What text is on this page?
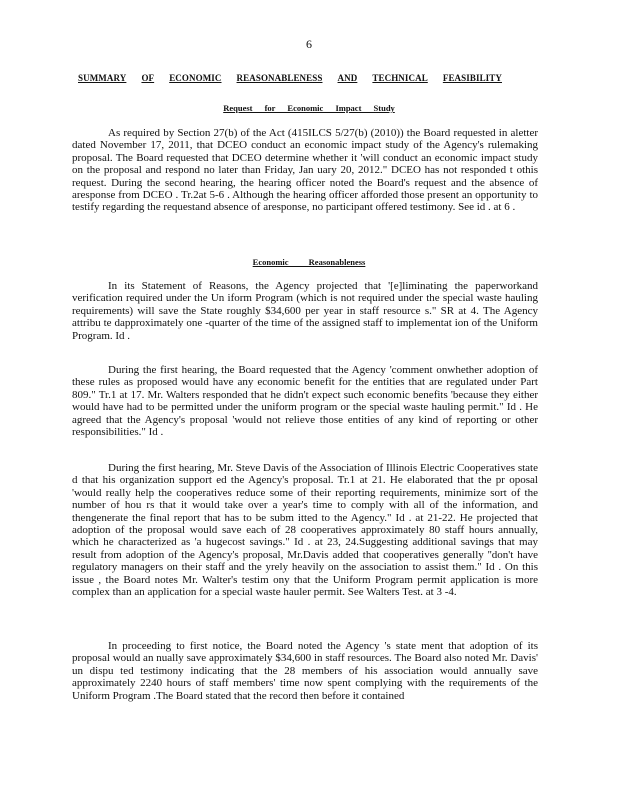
6
SUMMARY OF ECONOMIC REASONABLENESS AND TECHNICAL FEASIBILITY
Request for Economic Impact Study

As required by Section 27(b) of the Act (415ILCS 5/27(b) (2010)) the Board requested in aletter dated November 17, 2011, that DCEO conduct an economic impact study of the Agency's rulemaking proposal. The Board requested that DCEO determine whether it 'will conduct an economic impact study on the proposal and respond no later than Friday, Jan uary 20, 2012." DCEO has not responded t othis request. During the second hearing, the hearing officer noted the Board's request and the absence of aresponse from DCEO . Tr.2at 5-6 . Although the hearing officer afforded those present an opportunity to testify regarding the requestand absence of aresponse, no participant offered testimony. See id . at 6 .

Economic Reasonableness

In its Statement of Reasons, the Agency projected that '[e]liminating the paperworkand verification required under the Un iform Program (which is not required under the special waste hauling requirements) will save the State roughly $34,600 per year in staff resource s." SR at 4. The Agency attribu te dapproximately one -quarter of the time of the assigned staff to implementat ion of the Uniform Program. Id .

During the first hearing, the Board requested that the Agency 'comment onwhether adoption of these rules as proposed would have any economic benefit for the entities that are regulated under Part 809." Tr.1 at 17. Mr. Walters responded that he didn't expect such economic benefits 'because they either would have had to be permitted under the uniform program or the special waste hauling permit." Id . He agreed that the Agency's proposal 'would not relieve those entities of any kind of reporting or other responsibilities." Id .

During the first hearing, Mr. Steve Davis of the Association of Illinois Electric Cooperatives state d that his organization support ed the Agency's proposal. Tr.1 at 21. He elaborated that the pr oposal 'would really help the cooperatives reduce some of their reporting requirements, minimize sort of the number of hou rs that it would take over a year's time to comply with all of the information, and thengenerate the final report that has to be subm itted to the Agency." Id . at 21-22. He projected that adoption of the proposal would save each of 28 cooperatives approximately 80 staff hours annually, which he characterized as 'a hugecost savings." Id . at 23, 24.Suggesting additional savings that may result from adoption of the Agency's proposal, Mr.Davis added that cooperatives generally ''don't have regulatory managers on their staff and the yrely heavily on the association to assist them." Id . On this issue , the Board notes Mr. Walter's testim ony that the Uniform Program permit application is more complex than an application for a special waste hauler permit. See Walters Test. at 3 -4.

In proceeding to first notice, the Board noted the Agency 's state ment that adoption of its proposal would an nually save approximately $34,600 in staff resources. The Board also noted Mr. Davis' un dispu ted testimony indicating that the 28 members of his association would annually save approximately 2240 hours of staff members' time now spent complying with the requirements of the Uniform Program .The Board stated that the record then before it contained
